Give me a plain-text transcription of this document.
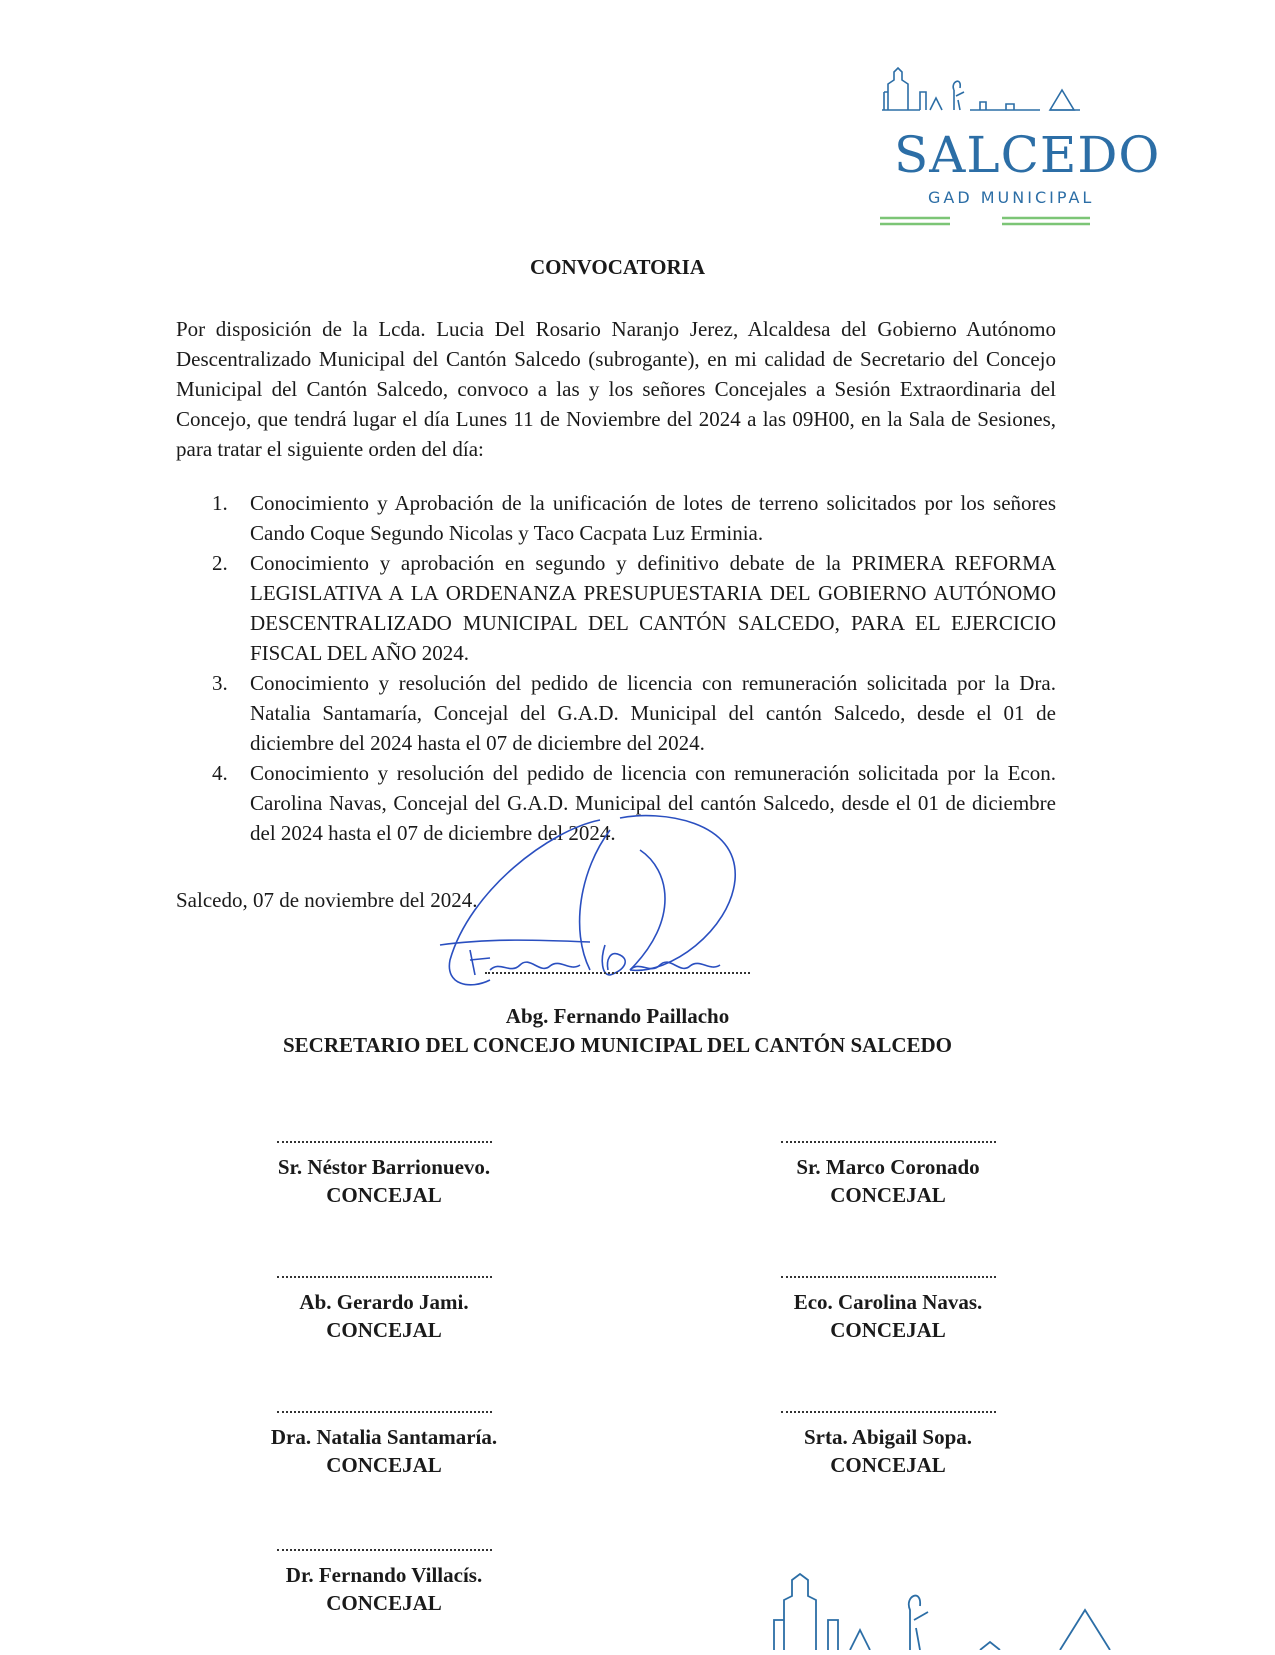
SALCEDO
GAD MUNICIPAL
CONVOCATORIA

Por disposición de la Lcda. Lucia Del Rosario Naranjo Jerez, Alcaldesa del Gobierno Autónomo Descentralizado Municipal del Cantón Salcedo (subrogante), en mi calidad de Secretario del Concejo Municipal del Cantón Salcedo, convoco a las y los señores Concejales a Sesión Extraordinaria del Concejo, que tendrá lugar el día Lunes 11 de Noviembre del 2024 a las 09H00, en la Sala de Sesiones, para tratar el siguiente orden del día:

1. Conocimiento y Aprobación de la unificación de lotes de terreno solicitados por los señores Cando Coque Segundo Nicolas y Taco Cacpata Luz Erminia.
2. Conocimiento y aprobación en segundo y definitivo debate de la PRIMERA REFORMA LEGISLATIVA A LA ORDENANZA PRESUPUESTARIA DEL GOBIERNO AUTÓNOMO DESCENTRALIZADO MUNICIPAL DEL CANTÓN SALCEDO, PARA EL EJERCICIO FISCAL DEL AÑO 2024.
3. Conocimiento y resolución del pedido de licencia con remuneración solicitada por la Dra. Natalia Santamaría, Concejal del G.A.D. Municipal del cantón Salcedo, desde el 01 de diciembre del 2024 hasta el 07 de diciembre del 2024.
4. Conocimiento y resolución del pedido de licencia con remuneración solicitada por la Econ. Carolina Navas, Concejal del G.A.D. Municipal del cantón Salcedo, desde el 01 de diciembre del 2024 hasta el 07 de diciembre del 2024.
Salcedo, 07 de noviembre del 2024.
Abg. Fernando Paillacho
SECRETARIO DEL CONCEJO MUNICIPAL DEL CANTÓN SALCEDO
Sr. Néstor Barrionuevo.
CONCEJAL
Sr. Marco Coronado
CONCEJAL
Ab. Gerardo Jami.
CONCEJAL
Eco. Carolina Navas.
CONCEJAL
Dra. Natalia Santamaría.
CONCEJAL
Srta. Abigail Sopa.
CONCEJAL
Dr. Fernando Villacís.
CONCEJAL
